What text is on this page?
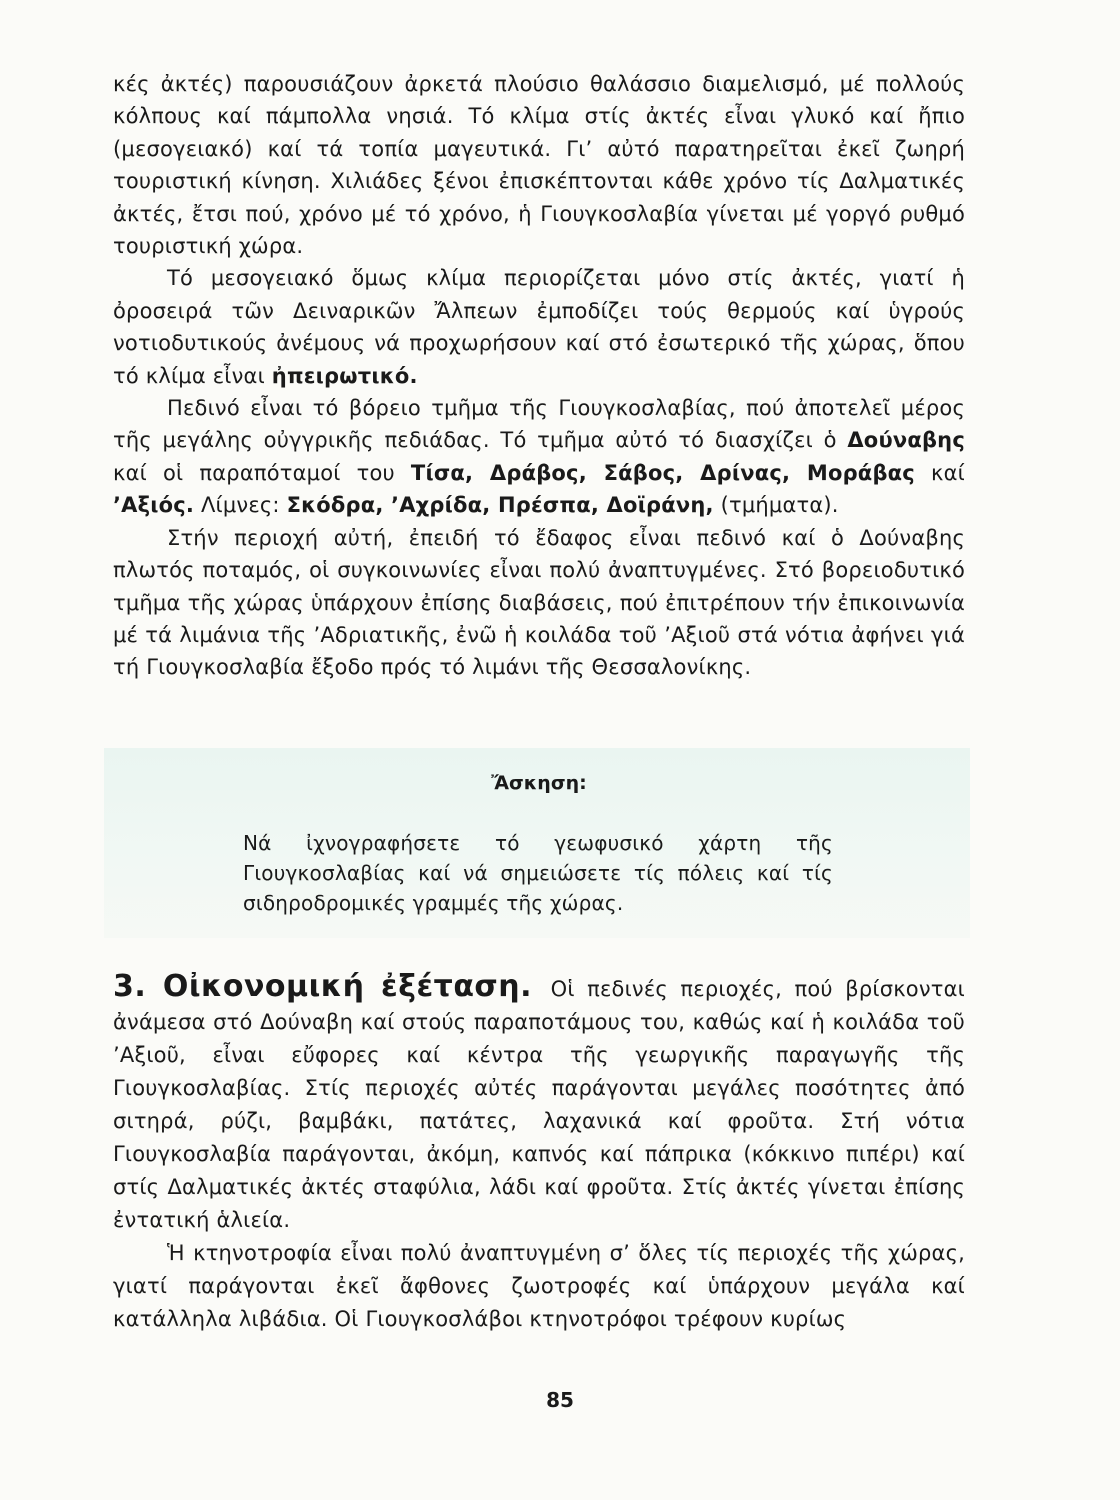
κές ἀκτές) παρουσιάζουν ἀρκετά πλούσιο θαλάσσιο διαμελισμό, μέ πολλούς κόλπους καί πάμπολλα νησιά. Τό κλίμα στίς ἀκτές εἶναι γλυκό καί ἤπιο (μεσογειακό) καί τά τοπία μαγευτικά. Γι’ αὐτό παρατηρεῖται ἐκεῖ ζωηρή τουριστική κίνηση. Χιλιάδες ξένοι ἐπισκέπτονται κάθε χρόνο τίς Δαλματικές ἀκτές, ἔτσι πού, χρόνο μέ τό χρόνο, ἡ Γιουγκοσλαβία γίνεται μέ γοργό ρυθμό τουριστική χώρα.

Τό μεσογειακό ὅμως κλίμα περιορίζεται μόνο στίς ἀκτές, γιατί ἡ ὀροσειρά τῶν Δειναρικῶν Ἄλπεων ἐμποδίζει τούς θερμούς καί ὑγρούς νοτιοδυτικούς ἀνέμους νά προχωρήσουν καί στό ἐσωτερικό τῆς χώρας, ὅπου τό κλίμα εἶναι ἠπειρωτικό.

Πεδινό εἶναι τό βόρειο τμῆμα τῆς Γιουγκοσλαβίας, πού ἀποτελεῖ μέρος τῆς μεγάλης οὐγγρικῆς πεδιάδας. Τό τμῆμα αὐτό τό διασχίζει ὁ Δούναβης καί οἱ παραπόταμοί του Τίσα, Δράβος, Σάβος, Δρίνας, Μοράβας καί ’Αξιός. Λίμνες: Σκόδρα, ’Αχρίδα, Πρέσπα, Δοϊράνη, (τμήματα).

Στήν περιοχή αὐτή, ἐπειδή τό ἔδαφος εἶναι πεδινό καί ὁ Δούναβης πλωτός ποταμός, οἱ συγκοινωνίες εἶναι πολύ ἀναπτυγμένες. Στό βορειοδυτικό τμῆμα τῆς χώρας ὑπάρχουν ἐπίσης διαβάσεις, πού ἐπιτρέπουν τήν ἐπικοινωνία μέ τά λιμάνια τῆς ’Αδριατικῆς, ἐνῶ ἡ κοιλάδα τοῦ ’Αξιοῦ στά νότια ἀφήνει γιά τή Γιουγκοσλαβία ἔξοδο πρός τό λιμάνι τῆς Θεσσαλονίκης.

Ἄσκηση:
Νά ἰχνογραφήσετε τό γεωφυσικό χάρτη τῆς Γιουγκοσλαβίας καί νά σημειώσετε τίς πόλεις καί τίς σιδηροδρομικές γραμμές τῆς χώρας.

3. Οἰκονομική ἐξέταση. Οἱ πεδινές περιοχές, πού βρίσκονται ἀνάμεσα στό Δούναβη καί στούς παραποτάμους του, καθώς καί ἡ κοιλάδα τοῦ ’Αξιοῦ, εἶναι εὔφορες καί κέντρα τῆς γεωργικῆς παραγωγῆς τῆς Γιουγκοσλαβίας. Στίς περιοχές αὐτές παράγονται μεγάλες ποσότητες ἀπό σιτηρά, ρύζι, βαμβάκι, πατάτες, λαχανικά καί φροῦτα. Στή νότια Γιουγκοσλαβία παράγονται, ἀκόμη, καπνός καί πάπρικα (κόκκινο πιπέρι) καί στίς Δαλματικές ἀκτές σταφύλια, λάδι καί φροῦτα. Στίς ἀκτές γίνεται ἐπίσης ἐντατική ἁλιεία.

Ἡ κτηνοτροφία εἶναι πολύ ἀναπτυγμένη σ’ ὅλες τίς περιοχές τῆς χώρας, γιατί παράγονται ἐκεῖ ἄφθονες ζωοτροφές καί ὑπάρχουν μεγάλα καί κατάλληλα λιβάδια. Οἱ Γιουγκοσλάβοι κτηνοτρόφοι τρέφουν κυρίως

85
